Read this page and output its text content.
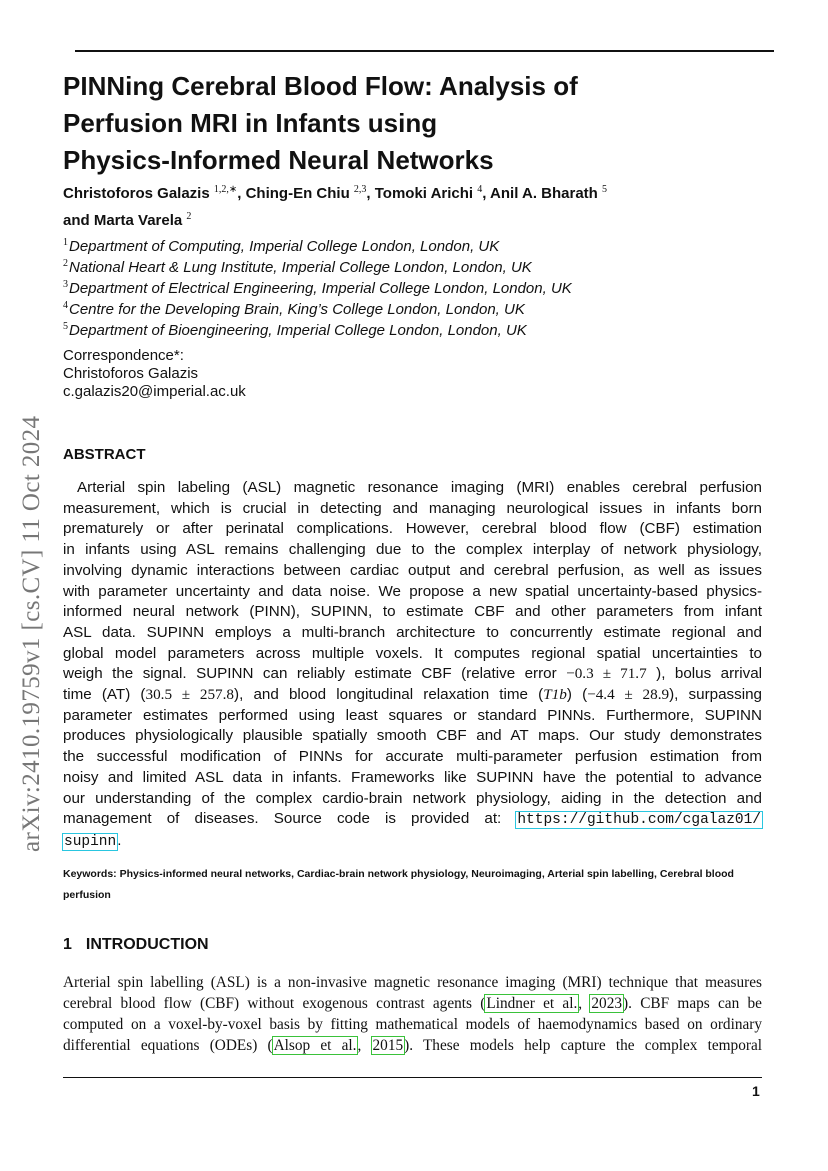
arXiv:2410.19759v1 [cs.CV] 11 Oct 2024
PINNing Cerebral Blood Flow: Analysis of
Perfusion MRI in Infants using
Physics-Informed Neural Networks
Christoforos Galazis $^{1,2,∗}$, Ching-En Chiu $^{2,3}$, Tomoki Arichi $^4$, Anil A. Bharath $^5$
and Marta Varela $^2$
$^1$Department of Computing, Imperial College London, London, UK
$^2$National Heart & Lung Institute, Imperial College London, London, UK
$^3$Department of Electrical Engineering, Imperial College London, London, UK
$^4$Centre for the Developing Brain, King’s College London, London, UK
$^5$Department of Bioengineering, Imperial College London, London, UK
Correspondence*:
Christoforos Galazis
c.galazis20@imperial.ac.uk
ABSTRACT
Arterial spin labeling (ASL) magnetic resonance imaging (MRI) enables cerebral perfusion
measurement, which is crucial in detecting and managing neurological issues in infants born
prematurely or after perinatal complications. However, cerebral blood flow (CBF) estimation
in infants using ASL remains challenging due to the complex interplay of network physiology,
involving dynamic interactions between cardiac output and cerebral perfusion, as well as issues
with parameter uncertainty and data noise. We propose a new spatial uncertainty-based physics-
informed neural network (PINN), SUPINN, to estimate CBF and other parameters from infant
ASL data. SUPINN employs a multi-branch architecture to concurrently estimate regional and
global model parameters across multiple voxels. It computes regional spatial uncertainties to
weigh the signal. SUPINN can reliably estimate CBF (relative error −0.3 ± 71.7 ), bolus arrival
time (AT) (30.5 ± 257.8), and blood longitudinal relaxation time (T1b) (−4.4 ± 28.9), surpassing
parameter estimates performed using least squares or standard PINNs. Furthermore, SUPINN
produces physiologically plausible spatially smooth CBF and AT maps. Our study demonstrates
the successful modification of PINNs for accurate multi-parameter perfusion estimation from
noisy and limited ASL data in infants. Frameworks like SUPINN have the potential to advance
our understanding of the complex cardio-brain network physiology, aiding in the detection and
management of diseases. Source code is provided at: https://github.com/cgalaz01/
supinn.
Keywords: Physics-informed neural networks, Cardiac-brain network physiology, Neuroimaging, Arterial spin labelling, Cerebral blood
perfusion
1 INTRODUCTION
Arterial spin labelling (ASL) is a non-invasive magnetic resonance imaging (MRI) technique that measures
cerebral blood flow (CBF) without exogenous contrast agents (Lindner et al., 2023). CBF maps can be
computed on a voxel-by-voxel basis by fitting mathematical models of haemodynamics based on ordinary
differential equations (ODEs) (Alsop et al., 2015). These models help capture the complex temporal
1
